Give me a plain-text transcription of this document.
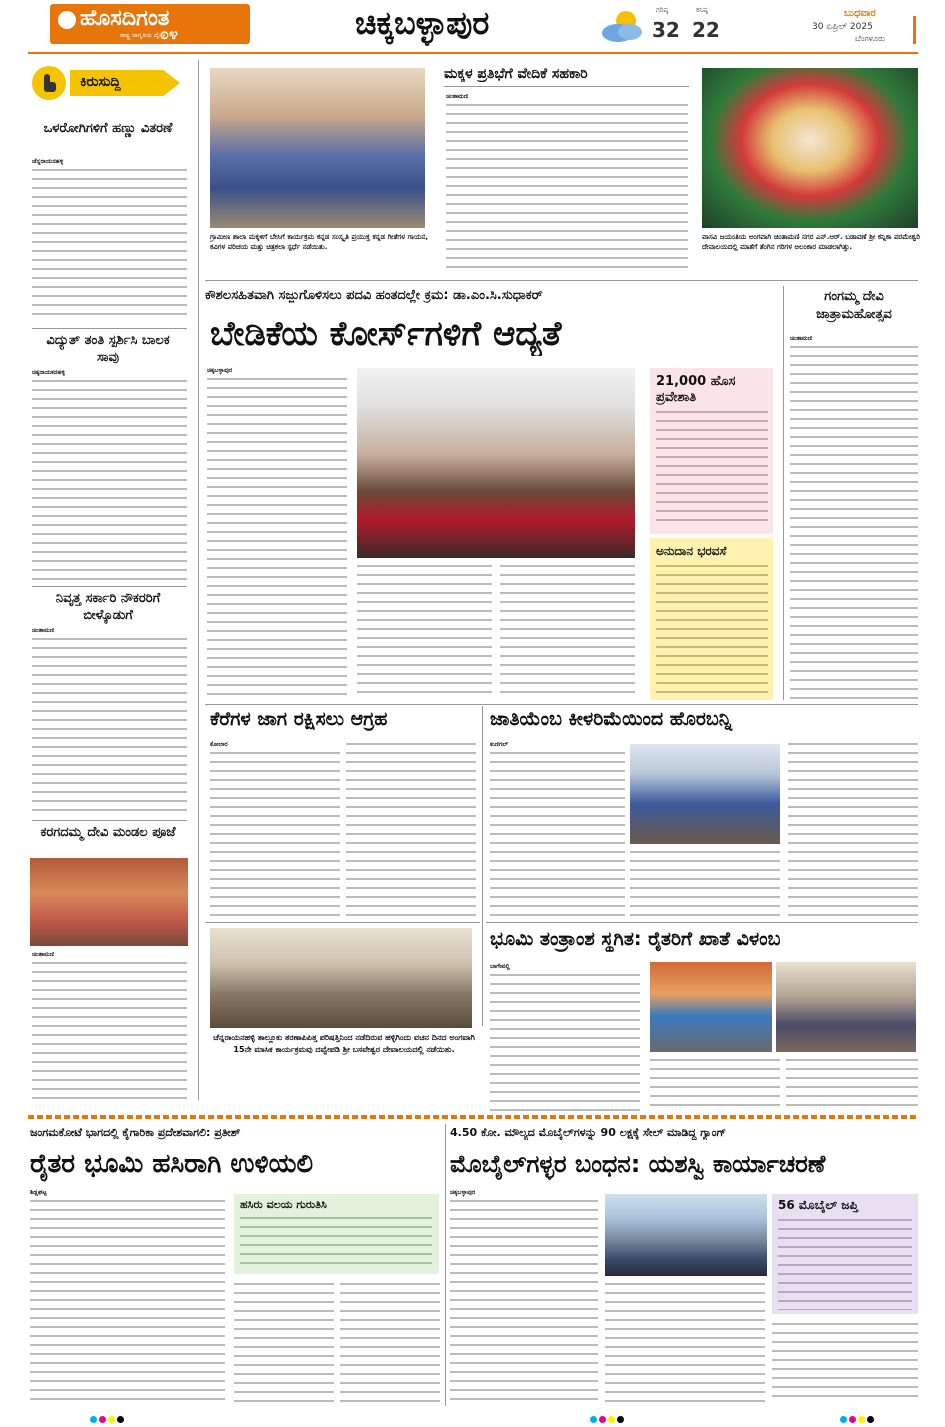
ಹೊಸದಿಗಂತ
ರಾಷ್ಟ್ರ ಜಾಗೃತಿಯ ದೈನಿಕ
೦೪	ಚಿಕ್ಕಬಳ್ಳಾಪುರ	ಗರಿಷ್ಠ
32
ಕನಿಷ್ಠ
22
ಬುಧವಾರ
30 ಏಪ್ರಿಲ್ 2025
ಬೆಂಗಳೂರು
ಕಿರುಸುದ್ದಿ
ಒಳರೋಗಿಗಳಿಗೆ ಹಣ್ಣು ವಿತರಣೆ
ಚೆನ್ನರಾಯನಹಳ್ಳಿ
ವಿದ್ಯುತ್ ತಂತಿ ಸ್ಪರ್ಶಿಸಿ ಬಾಲಕ ಸಾವು
ಚಿಕ್ಕನಾಯಕನಹಳ್ಳಿ
ನಿವೃತ್ತ ಸರ್ಕಾರಿ ನೌಕರರಿಗೆ ಬೀಳ್ಕೊಡುಗೆ
ಚಿಂತಾಮಣಿ
ಕರಗದಮ್ಮ ದೇವಿ ಮಂಡಲ ಪೂಜೆ
ಚಿಂತಾಮಣಿ
ಗ್ರಾಮೀಣ ಶಾಲಾ ಮಕ್ಕಳಿಗೆ ಬೇಸಿಗೆ ಕಾರ್ಯಕ್ರಮ ಕನ್ನಡ ಸಂಸ್ಕೃತಿ ಪ್ರಯುಕ್ತ ಕನ್ನಡ ಗೀತೆಗಳ ಗಾಯನ, ಕವಿಗಳ ಪರಿಚಯ ಮತ್ತು ಚಿತ್ರಕಲಾ ಸ್ಪರ್ಧೆ ನಡೆಯಿತು.
ಮಕ್ಕಳ ಪ್ರತಿಭೆಗೆ ವೇದಿಕೆ ಸಹಕಾರಿ
ಚಿಂತಾಮಣಿ
ವಾಸವಿ ಜಯಂತಿಯ ಅಂಗವಾಗಿ ಚಿಂತಾಮಣಿ ನಗರ ಎನ್.ಆರ್. ಬಡಾವಣೆ ಶ್ರೀ ಕನ್ನಿಕಾ ಪರಮೇಶ್ವರಿ ದೇವಾಲಯದಲ್ಲಿ ಮಾತೆಗೆ ತೆಂಗಿನ ಗರಿಗಳ ಅಲಂಕಾರ ಮಾಡಲಾಗಿತ್ತು.
ಕೌಶಲಸಹಿತವಾಗಿ ಸಜ್ಜುಗೊಳಿಸಲು ಪದವಿ ಹಂತದಲ್ಲೇ ಕ್ರಮ: ಡಾ.ಎಂ.ಸಿ.ಸುಧಾಕರ್
ಬೇಡಿಕೆಯ ಕೋರ್ಸ್‌ಗಳಿಗೆ ಆದ್ಯತೆ
ಚಿಕ್ಕಬಳ್ಳಾಪುರ
21,000 ಹೊಸ ಪ್ರವೇಶಾತಿ
ಅನುದಾನ ಭರವಸೆ
ಗಂಗಮ್ಮ ದೇವಿ ಜಾತ್ರಾಮಹೋತ್ಸವ
ಚಿಂತಾಮಣಿ
ಕೆರೆಗಳ ಜಾಗ ರಕ್ಷಿಸಲು ಆಗ್ರಹ
ಕೋಲಾರ
ಜಾತಿಯೆಂಬ ಕೀಳರಿಮೆಯಿಂದ ಹೊರಬನ್ನಿ
ಕುಣಿಗಲ್
ಚೆನ್ನರಾಯನಹಳ್ಳಿ ತಾಲ್ಲೂಕು ತರಣಾಪಿಪಿತ್ತ ಪರಿಷತ್ತಿನಿಂದ ನಡೆದಿರುವ ಹಳ್ಳಿಗಿಂದು ವಚನ ದಿನದ ಅಂಗವಾಗಿ 15ನೇ ಮಾಸಿಕ ಕಾರ್ಯಕ್ರಮವು ದವ್ವೇಪಡಿ ಶ್ರೀ ಬಸವೇಶ್ವರ ದೇವಾಲಯದಲ್ಲಿ ನಡೆಯಿತು.
ಭೂಮಿ ತಂತ್ರಾಂಶ ಸ್ಥಗಿತ: ರೈತರಿಗೆ ಖಾತೆ ವಿಳಂಬ
ಬಾಗೇಪಲ್ಲಿ
ಜಂಗಮಕೋಟೆ ಭಾಗದಲ್ಲಿ ಕೈಗಾರಿಕಾ ಪ್ರದೇಶವಾಗಲಿ: ಪ್ರತೀಶ್
ರೈತರ ಭೂಮಿ ಹಸಿರಾಗಿ ಉಳಿಯಲಿ
ಶಿಡ್ಲಘಟ್ಟ
ಹಸಿರು ವಲಯ ಗುರುತಿಸಿ
4.50 ಕೋ. ಮೌಲ್ಯದ ಮೊಬೈಲ್‌ಗಳನ್ನು 90 ಲಕ್ಷಕ್ಕೆ ಸೇಲ್ ಮಾಡಿದ್ದ ಗ್ಯಾಂಗ್
ಮೊಬೈಲ್‌ಗಳ್ಳರ ಬಂಧನ: ಯಶಸ್ವಿ ಕಾರ್ಯಾಚರಣೆ
ಚಿಕ್ಕಬಳ್ಳಾಪುರ
56 ಮೊಬೈಲ್ ಜಪ್ತಿ
